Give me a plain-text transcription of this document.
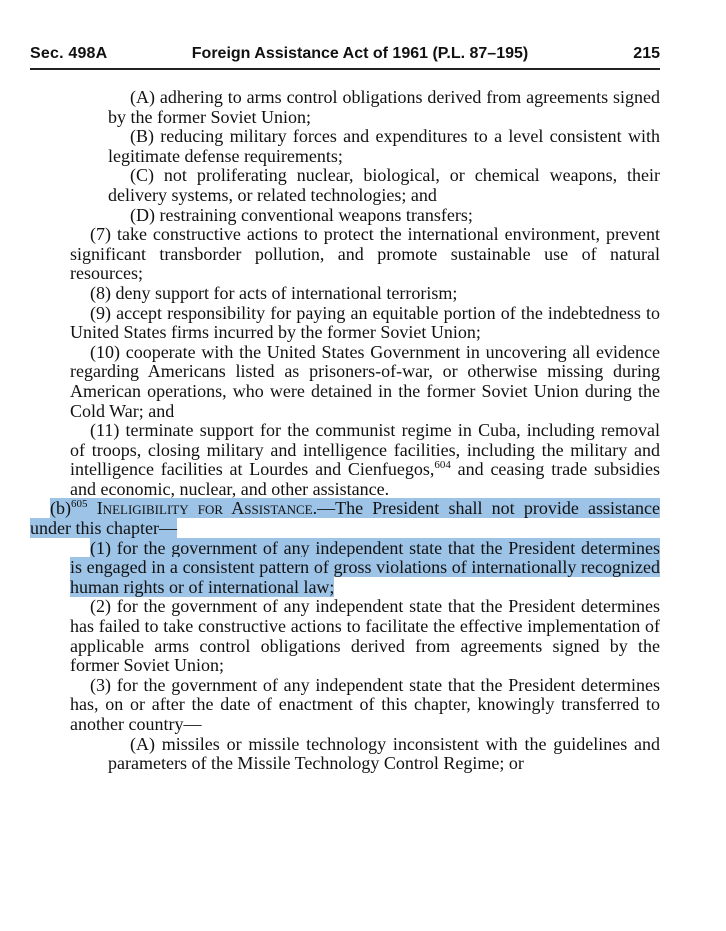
Sec. 498A	Foreign Assistance Act of 1961 (P.L. 87–195)	215

(A) adhering to arms control obligations derived from agreements signed by the former Soviet Union;

(B) reducing military forces and expenditures to a level consistent with legitimate defense requirements;

(C) not proliferating nuclear, biological, or chemical weapons, their delivery systems, or related technologies; and

(D) restraining conventional weapons transfers;

(7) take constructive actions to protect the international environment, prevent significant transborder pollution, and promote sustainable use of natural resources;

(8) deny support for acts of international terrorism;

(9) accept responsibility for paying an equitable portion of the indebtedness to United States firms incurred by the former Soviet Union;

(10) cooperate with the United States Government in uncovering all evidence regarding Americans listed as prisoners-of-war, or otherwise missing during American operations, who were detained in the former Soviet Union during the Cold War; and

(11) terminate support for the communist regime in Cuba, including removal of troops, closing military and intelligence facilities, including the military and intelligence facilities at Lourdes and Cienfuegos,$^{604}$ and ceasing trade subsidies and economic, nuclear, and other assistance.

$(b)^{605}$ Ineligibility for Assistance.—The President shall not provide assistance under this chapter—

(1) for the government of any independent state that the President determines is engaged in a consistent pattern of gross violations of internationally recognized human rights or of international law;

(2) for the government of any independent state that the President determines has failed to take constructive actions to facilitate the effective implementation of applicable arms control obligations derived from agreements signed by the former Soviet Union;

(3) for the government of any independent state that the President determines has, on or after the date of enactment of this chapter, knowingly transferred to another country—

(A) missiles or missile technology inconsistent with the guidelines and parameters of the Missile Technology Control Regime; or
